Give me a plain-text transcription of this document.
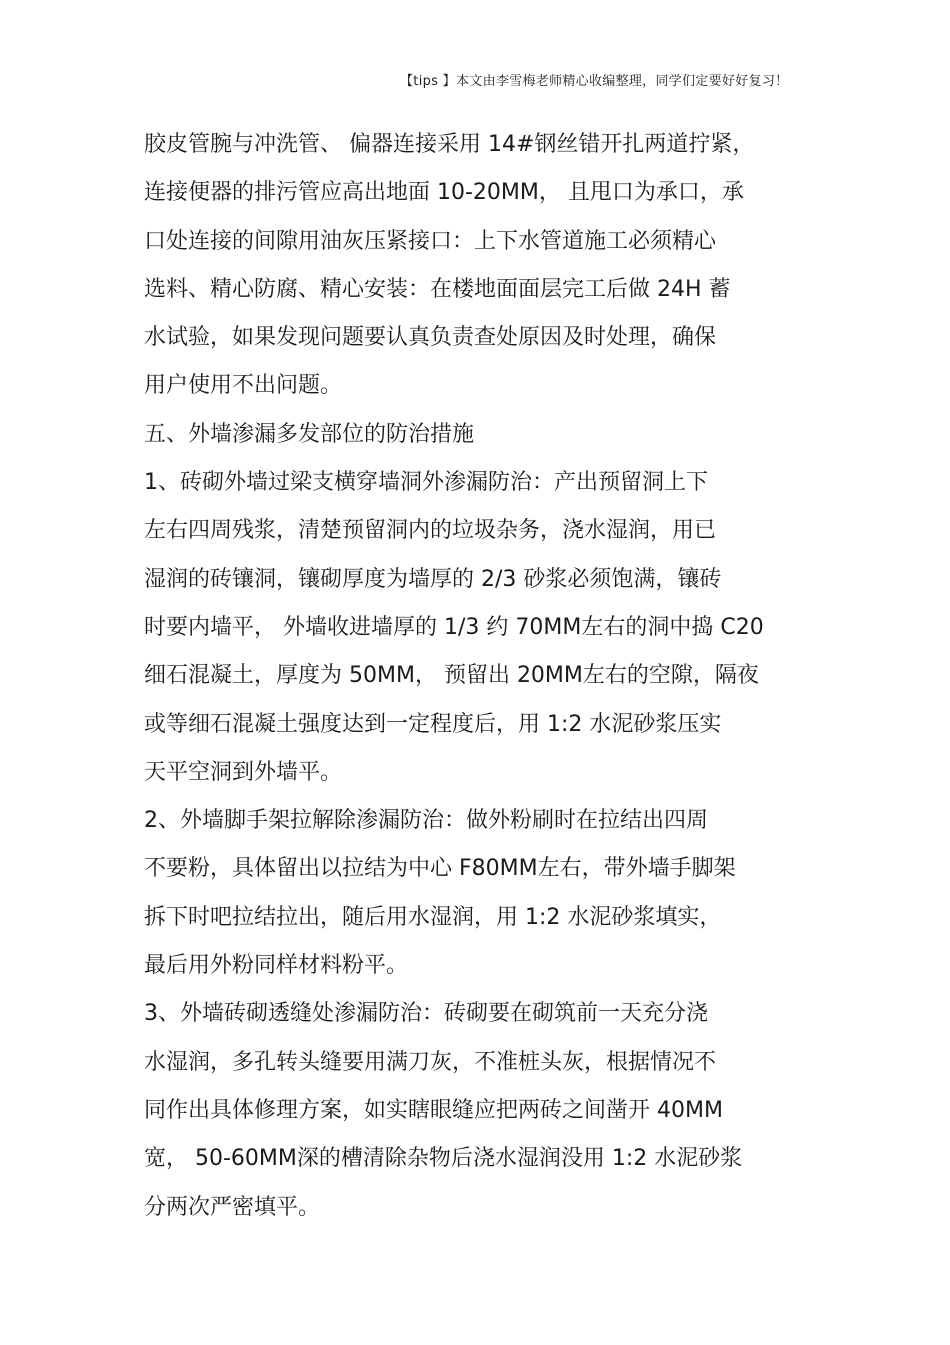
【tips 】本文由李雪梅老师精心收编整理，同学们定要好好复习！
胶皮管腕与冲洗管、 偏器连接采用 14#钢丝错开扎两道拧紧，
连接便器的排污管应高出地面 10-20MM， 且甩口为承口，承
口处连接的间隙用油灰压紧接口：上下水管道施工必须精心
选料、精心防腐、精心安装：在楼地面面层完工后做 24H 蓄
水试验，如果发现问题要认真负责查处原因及时处理，确保
用户使用不出问题。
五、外墙渗漏多发部位的防治措施
1、砖砌外墙过梁支横穿墙洞外渗漏防治：产出预留洞上下
左右四周残浆，清楚预留洞内的垃圾杂务，浇水湿润，用已
湿润的砖镶洞，镶砌厚度为墙厚的 2/3 砂浆必须饱满，镶砖
时要内墙平， 外墙收进墙厚的 1/3 约 70MM左右的洞中捣 C20
细石混凝土，厚度为 50MM， 预留出 20MM左右的空隙，隔夜
或等细石混凝土强度达到一定程度后，用 1:2 水泥砂浆压实
天平空洞到外墙平。
2、外墙脚手架拉解除渗漏防治：做外粉刷时在拉结出四周
不要粉，具体留出以拉结为中心 F80MM左右，带外墙手脚架
拆下时吧拉结拉出，随后用水湿润，用 1:2 水泥砂浆填实，
最后用外粉同样材料粉平。
3、外墙砖砌透缝处渗漏防治：砖砌要在砌筑前一天充分浇
水湿润，多孔转头缝要用满刀灰，不准桩头灰，根据情况不
同作出具体修理方案，如实瞎眼缝应把两砖之间凿开 40MM
宽， 50-60MM深的槽清除杂物后浇水湿润没用 1:2 水泥砂浆
分两次严密填平。
